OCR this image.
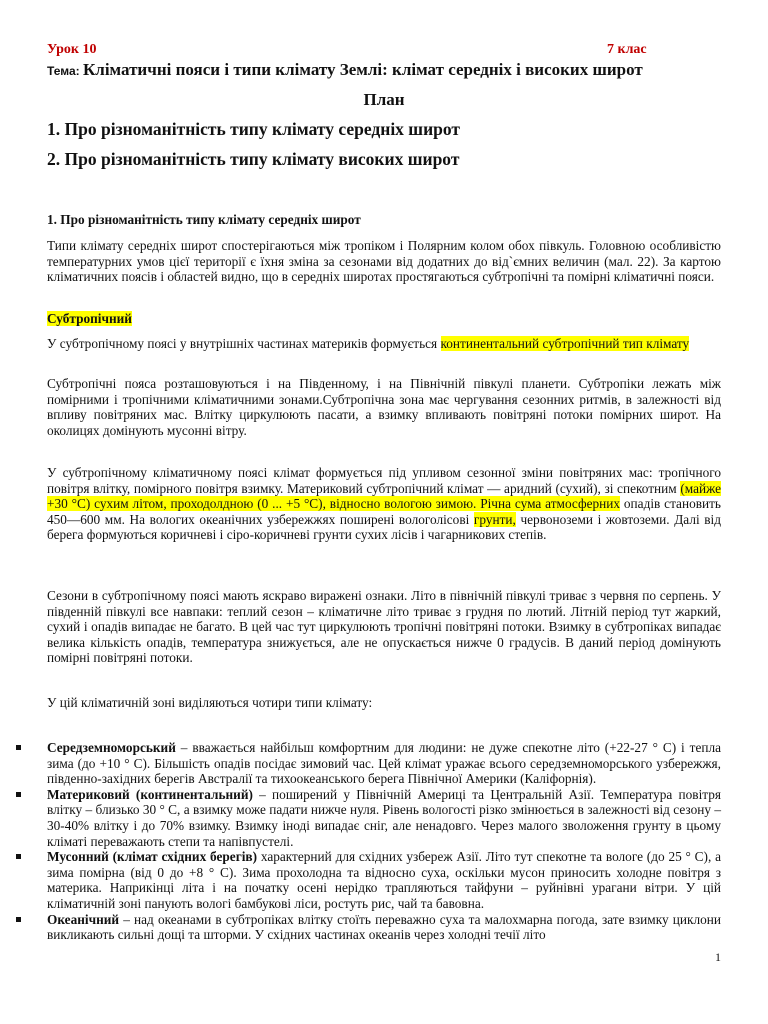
Урок 10	7 клас
Тема: Кліматичні пояси і типи клімату Землі: клімат середніх і високих широт
План
1. Про різноманітність типу клімату середніх широт
2. Про різноманітність типу клімату високих широт
1. Про різноманітність типу клімату середніх широт

Типи клімату середніх широт спостерігаються між тропіком і Полярним колом обох півкуль. Головною особливістю температурних умов цієї території є їхня зміна за сезонами від додатних до від`ємних величин (мал. 22). За картою кліматичних поясів і областей видно, що в середніх широтах простягаються субтропічні та помірні кліматичні пояси.

Субтропічний

У субтропічному поясі у внутрішніх частинах материків формується континентальний субтропічний тип клімату

Субтропічні пояса розташовуються і на Південному, і на Північній півкулі планети. Субтропіки лежать між помірними і тропічними кліматичними зонами.Субтропічна зона має чергування сезонних ритмів, в залежності від впливу повітряних мас. Влітку циркулюють пасати, а взимку впливають повітряні потоки помірних широт. На околицях домінують мусонні вітру.

У субтропічному кліматичному поясі клімат формується під упливом сезонної зміни повітряних мас: тропічного повітря влітку, помірного повітря взимку. Материковий субтропічний клімат — аридний (сухий), зі спекотним (майже +30 °С) сухим літом, проходолдною (0 ... +5 °С), відносно вологою зимою. Річна сума атмосферних опадів становить 450—600 мм. На вологих океанічних узбережжях поширені вологолісові грунти, червоноземи і жовтоземи. Далі від берега формуються коричневі і сіро-коричневі грунти сухих лісів і чагарникових степів.

Сезони в субтропічному поясі мають яскраво виражені ознаки. Літо в північній півкулі триває з червня по серпень. У південній півкулі все навпаки: теплий сезон – кліматичне літо триває з грудня по лютий. Літній період тут жаркий, сухий і опадів випадає не багато. В цей час тут циркулюють тропічні повітряні потоки. Взимку в субтропіках випадає велика кількість опадів, температура знижується, але не опускається нижче 0 градусів. В даний період домінують помірні повітряні потоки.

У цій кліматичній зоні виділяються чотири типи клімату:

Середземноморський – вважається найбільш комфортним для людини: не дуже спекотне літо (+22-27 ° С) і тепла зима (до +10 ° С). Більшість опадів посідає зимовий час. Цей клімат уражає всього середземноморського узбережжя, південно-західних берегів Австралії та тихоокеанського берега Північної Америки (Каліфорнія).
Материковий (континентальний) – поширений у Північній Америці та Центральній Азії. Температура повітря влітку – близько 30 ° С, а взимку може падати нижче нуля. Рівень вологості різко змінюється в залежності від сезону – 30-40% влітку і до 70% взимку. Взимку іноді випадає сніг, але ненадовго. Через малого зволоження грунту в цьому кліматі переважають степи та напівпустелі.
Мусонний (клімат східних берегів) характерний для східних узбереж Азії. Літо тут спекотне та вологе (до 25 ° С), а зима помірна (від 0 до +8 ° С). Зима прохолодна та відносно суха, оскільки мусон приносить холодне повітря з материка. Наприкінці літа і на початку осені нерідко трапляються тайфуни – руйнівні урагани вітри. У цій кліматичній зоні панують вологі бамбукові ліси, ростуть рис, чай та бавовна.
Океанічний – над океанами в субтропіках влітку стоїть переважно суха та малохмарна погода, зате взимку циклони викликають сильні дощі та шторми. У східних частинах океанів через холодні течії літо
1
